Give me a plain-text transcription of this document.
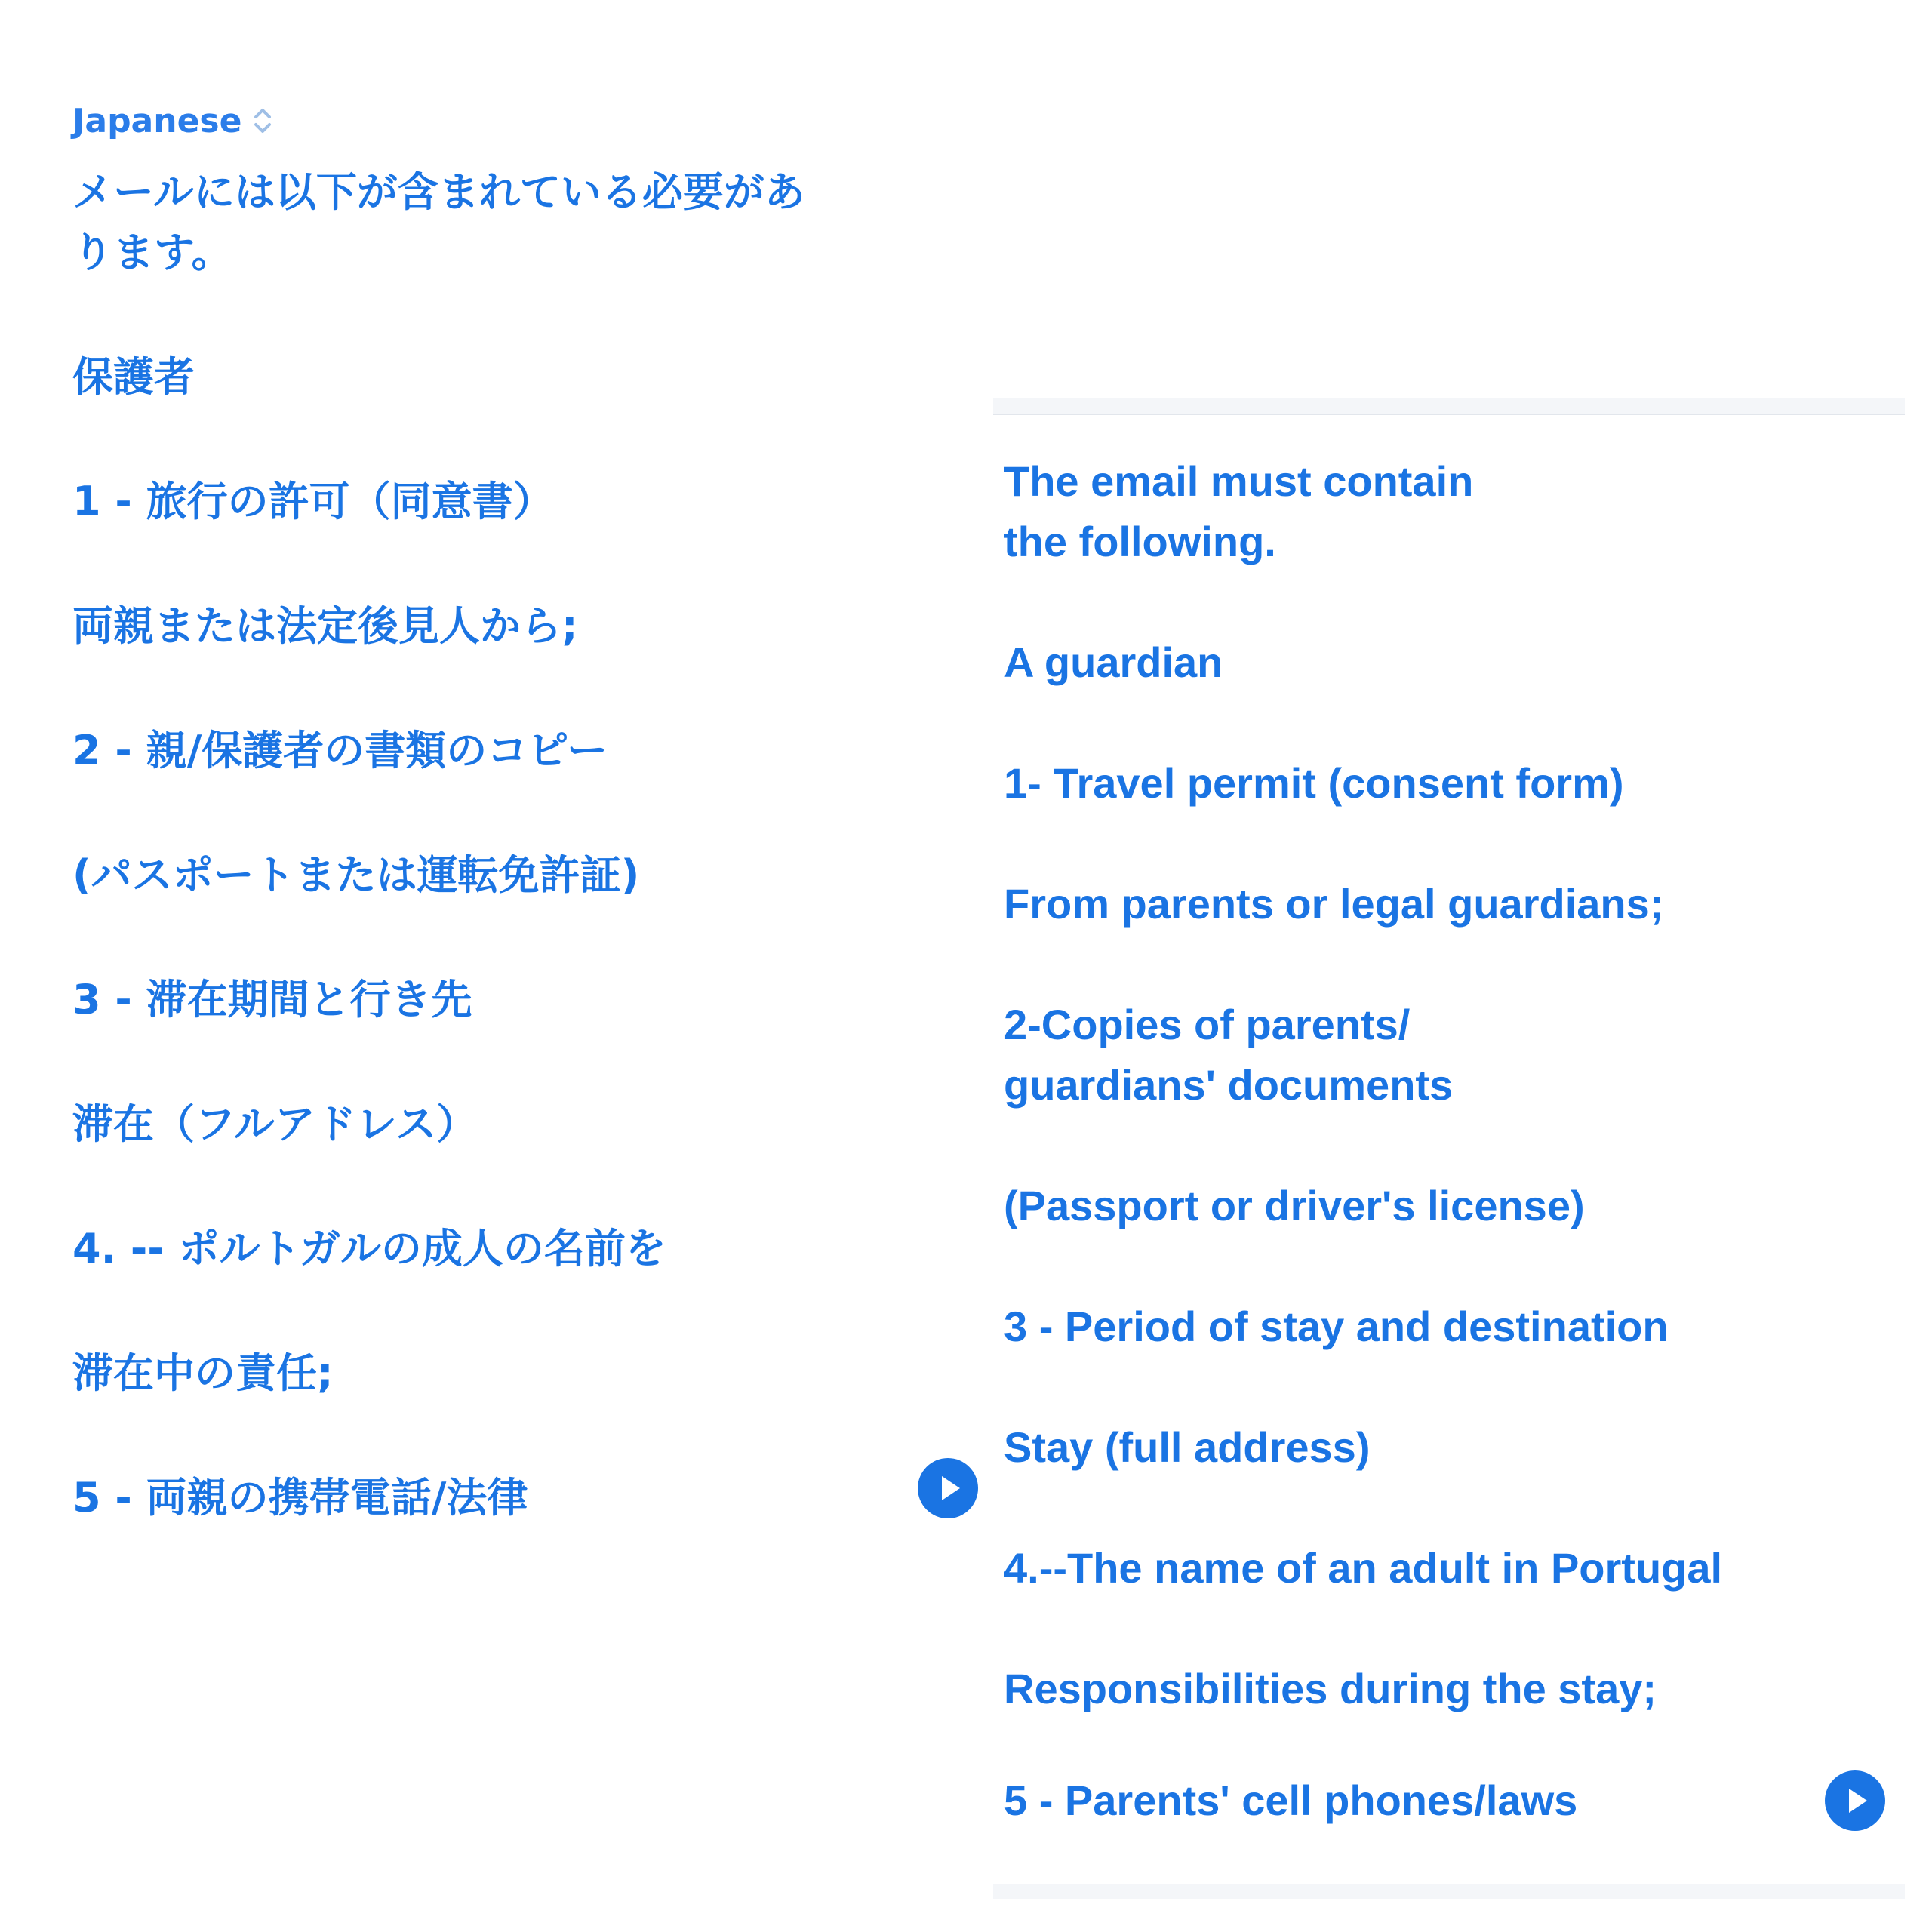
Japanese
メールには以下が含まれている必要があ
ります。
保護者
1 - 旅行の許可（同意書）
両親または法定後見人から;
2 - 親/保護者の書類のコピー
(パスポートまたは運転免許証)
3 - 滞在期間と行き先
滞在（フルアドレス）
4. -- ポルトガルの成人の名前を
滞在中の責任;
5 - 両親の携帯電話/法律
The email must contain
the following.
A guardian
1- Travel permit (consent form)
From parents or legal guardians;
2-Copies of parents/
guardians' documents
(Passport or driver's license)
3 - Period of stay and destination
Stay (full address)
4.--The name of an adult in Portugal
Responsibilities during the stay;
5 - Parents' cell phones/laws
